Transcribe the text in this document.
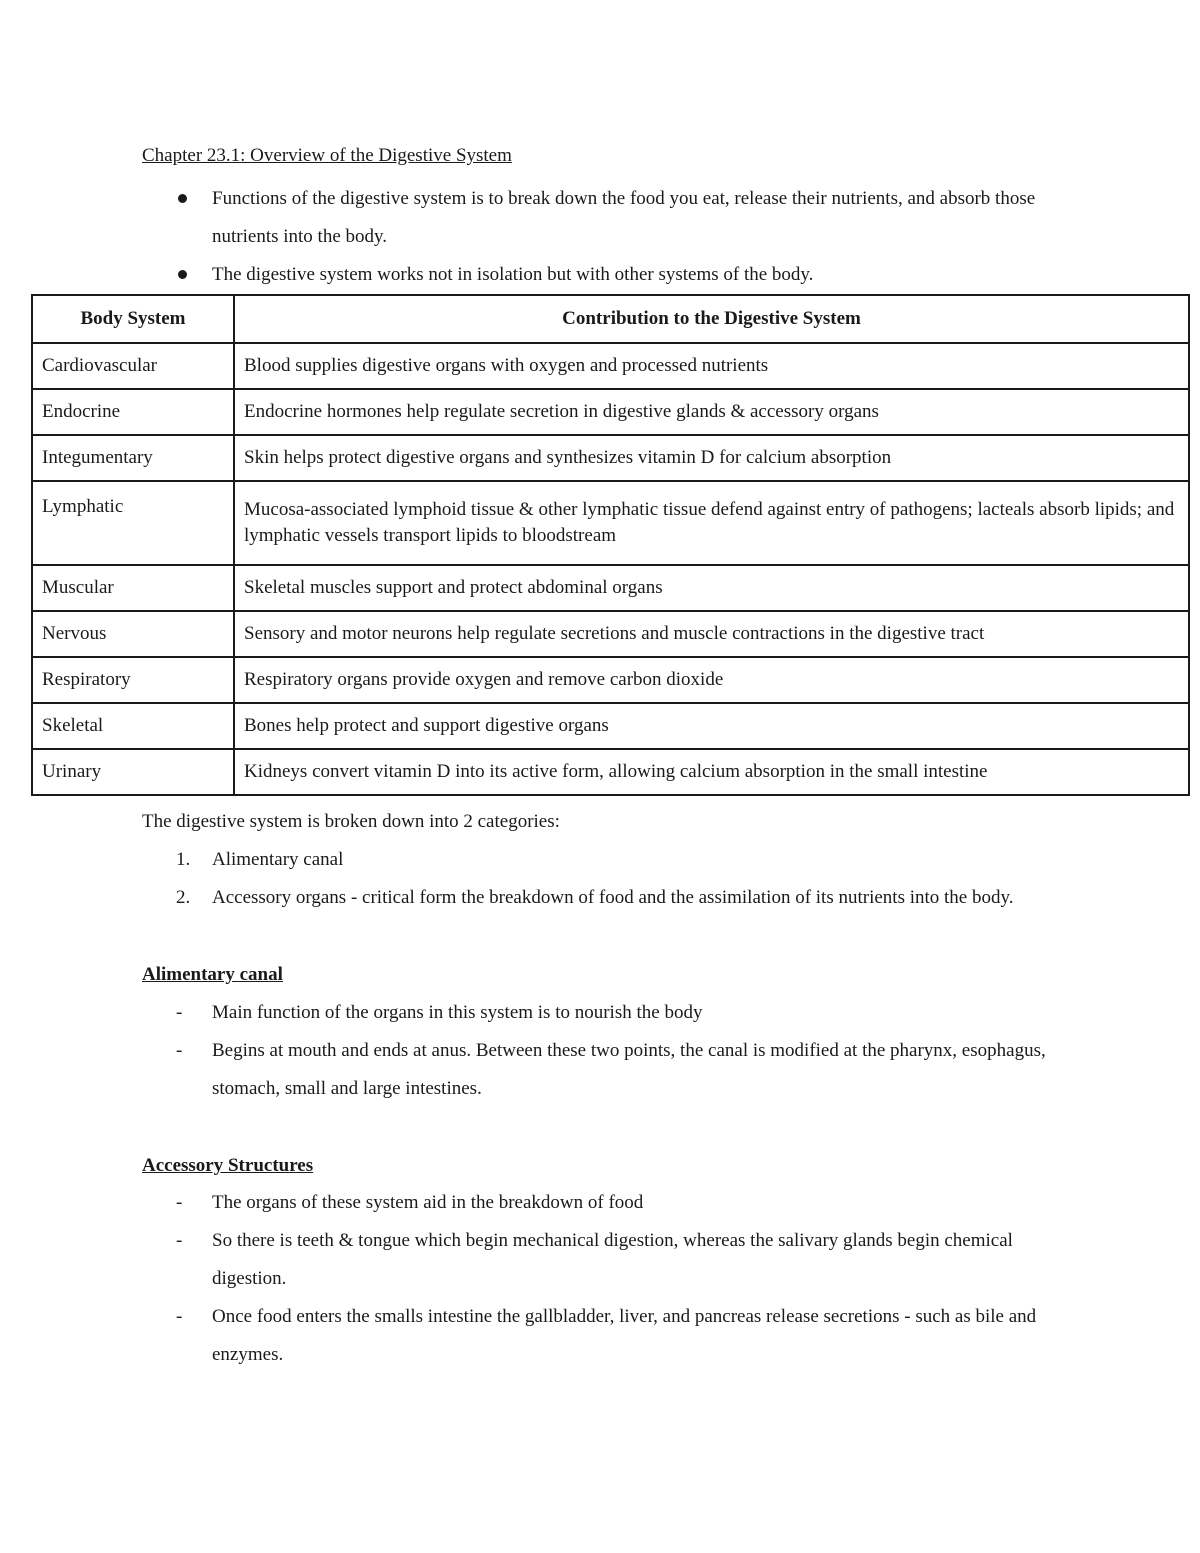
Chapter 23.1: Overview of the Digestive System
Functions of the digestive system is to break down the food you eat, release their nutrients, and absorb those nutrients into the body.
The digestive system works not in isolation but with other systems of the body.
Body System	Contribution to the Digestive System
Cardiovascular	Blood supplies digestive organs with oxygen and processed nutrients
Endocrine	Endocrine hormones help regulate secretion in digestive glands & accessory organs
Integumentary	Skin helps protect digestive organs and synthesizes vitamin D for calcium absorption
Lymphatic	Mucosa-associated lymphoid tissue & other lymphatic tissue defend against entry of pathogens; lacteals absorb lipids; and lymphatic vessels transport lipids to bloodstream
Muscular	Skeletal muscles support and protect abdominal organs
Nervous	Sensory and motor neurons help regulate secretions and muscle contractions in the digestive tract
Respiratory	Respiratory organs provide oxygen and remove carbon dioxide
Skeletal	Bones help protect and support digestive organs
Urinary	Kidneys convert vitamin D into its active form, allowing calcium absorption in the small intestine

The digestive system is broken down into 2 categories:

1. Alimentary canal
2. Accessory organs - critical form the breakdown of food and the assimilation of its nutrients into the body.
Alimentary canal
- Main function of the organs in this system is to nourish the body
- Begins at mouth and ends at anus. Between these two points, the canal is modified at the pharynx, esophagus, stomach, small and large intestines.
Accessory Structures
- The organs of these system aid in the breakdown of food
- So there is teeth & tongue which begin mechanical digestion, whereas the salivary glands begin chemical digestion.
- Once food enters the smalls intestine the gallbladder, liver, and pancreas release secretions - such as bile and enzymes.
